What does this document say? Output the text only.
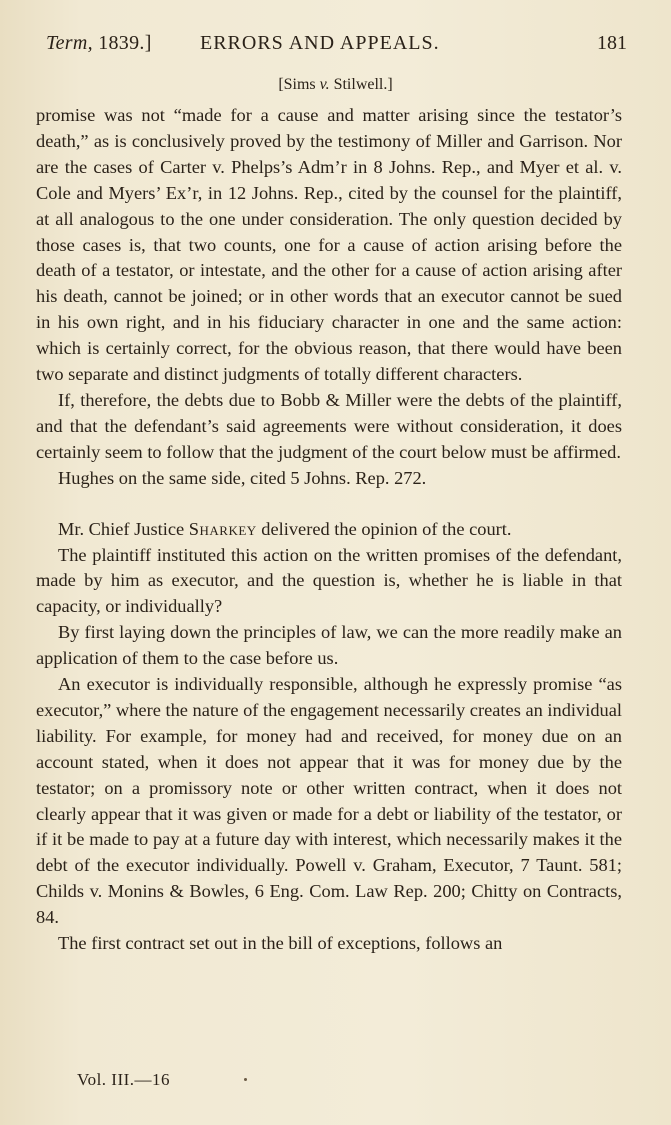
Term, 1839.] ERRORS AND APPEALS.	181
[Sims v. Stilwell.]

promise was not “made for a cause and matter arising since the testator’s death,” as is conclusively proved by the testimony of Miller and Garrison. Nor are the cases of Carter v. Phelps’s Adm’r in 8 Johns. Rep., and Myer et al. v. Cole and Myers’ Ex’r, in 12 Johns. Rep., cited by the counsel for the plaintiff, at all analogous to the one under consideration. The only question decided by those cases is, that two counts, one for a cause of action arising before the death of a testator, or intestate, and the other for a cause of action arising after his death, cannot be joined; or in other words that an executor cannot be sued in his own right, and in his fiduciary character in one and the same action: which is certainly correct, for the obvious reason, that there would have been two separate and distinct judgments of totally different characters.

If, therefore, the debts due to Bobb & Miller were the debts of the plaintiff, and that the defendant’s said agreements were without consideration, it does certainly seem to follow that the judgment of the court below must be affirmed.

Hughes on the same side, cited 5 Johns. Rep. 272.

Mr. Chief Justice Sharkey delivered the opinion of the court.

The plaintiff instituted this action on the written promises of the defendant, made by him as executor, and the question is, whether he is liable in that capacity, or individually?

By first laying down the principles of law, we can the more readily make an application of them to the case before us.

An executor is individually responsible, although he expressly promise “as executor,” where the nature of the engagement necessarily creates an individual liability. For example, for money had and received, for money due on an account stated, when it does not appear that it was for money due by the testator; on a promissory note or other written contract, when it does not clearly appear that it was given or made for a debt or liability of the testator, or if it be made to pay at a future day with interest, which necessarily makes it the debt of the executor individually. Powell v. Graham, Executor, 7 Taunt. 581; Childs v. Monins & Bowles, 6 Eng. Com. Law Rep. 200; Chitty on Contracts, 84.

The first contract set out in the bill of exceptions, follows an

Vol. III.—16
